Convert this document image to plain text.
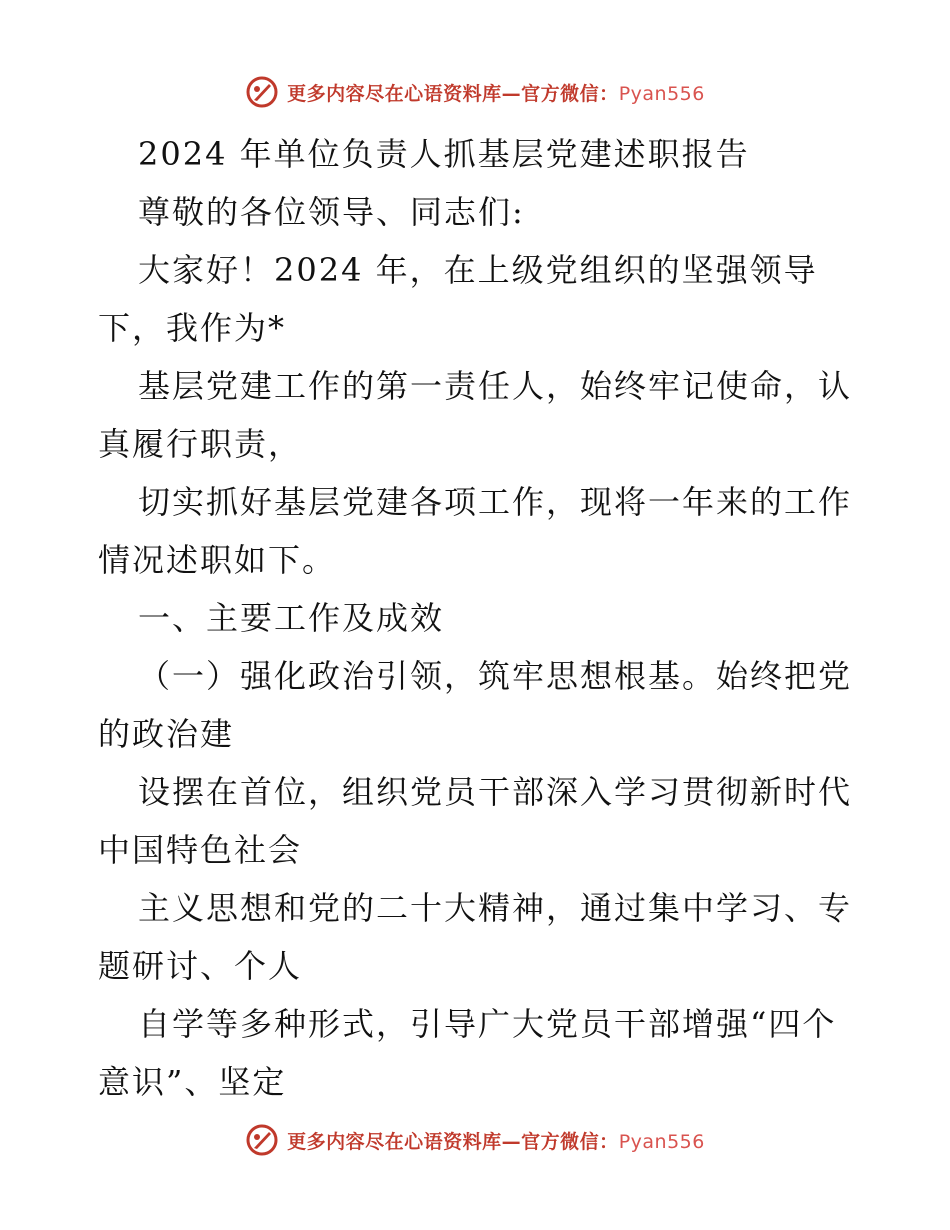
更多内容尽在心语资料库—官方微信：Pyan556

2024 年单位负责人抓基层党建述职报告

尊敬的各位领导、同志们:

大家好！2024 年，在上级党组织的坚强领导

下，我作为*

基层党建工作的第一责任人，始终牢记使命，认

真履行职责，

切实抓好基层党建各项工作，现将一年来的工作

情况述职如下。

一、主要工作及成效

（一）强化政治引领，筑牢思想根基。始终把党

的政治建

设摆在首位，组织党员干部深入学习贯彻新时代

中国特色社会

主义思想和党的二十大精神，通过集中学习、专

题研讨、个人

自学等多种形式，引导广大党员干部增强“四个

意识”、坚定

更多内容尽在心语资料库—官方微信：Pyan556
